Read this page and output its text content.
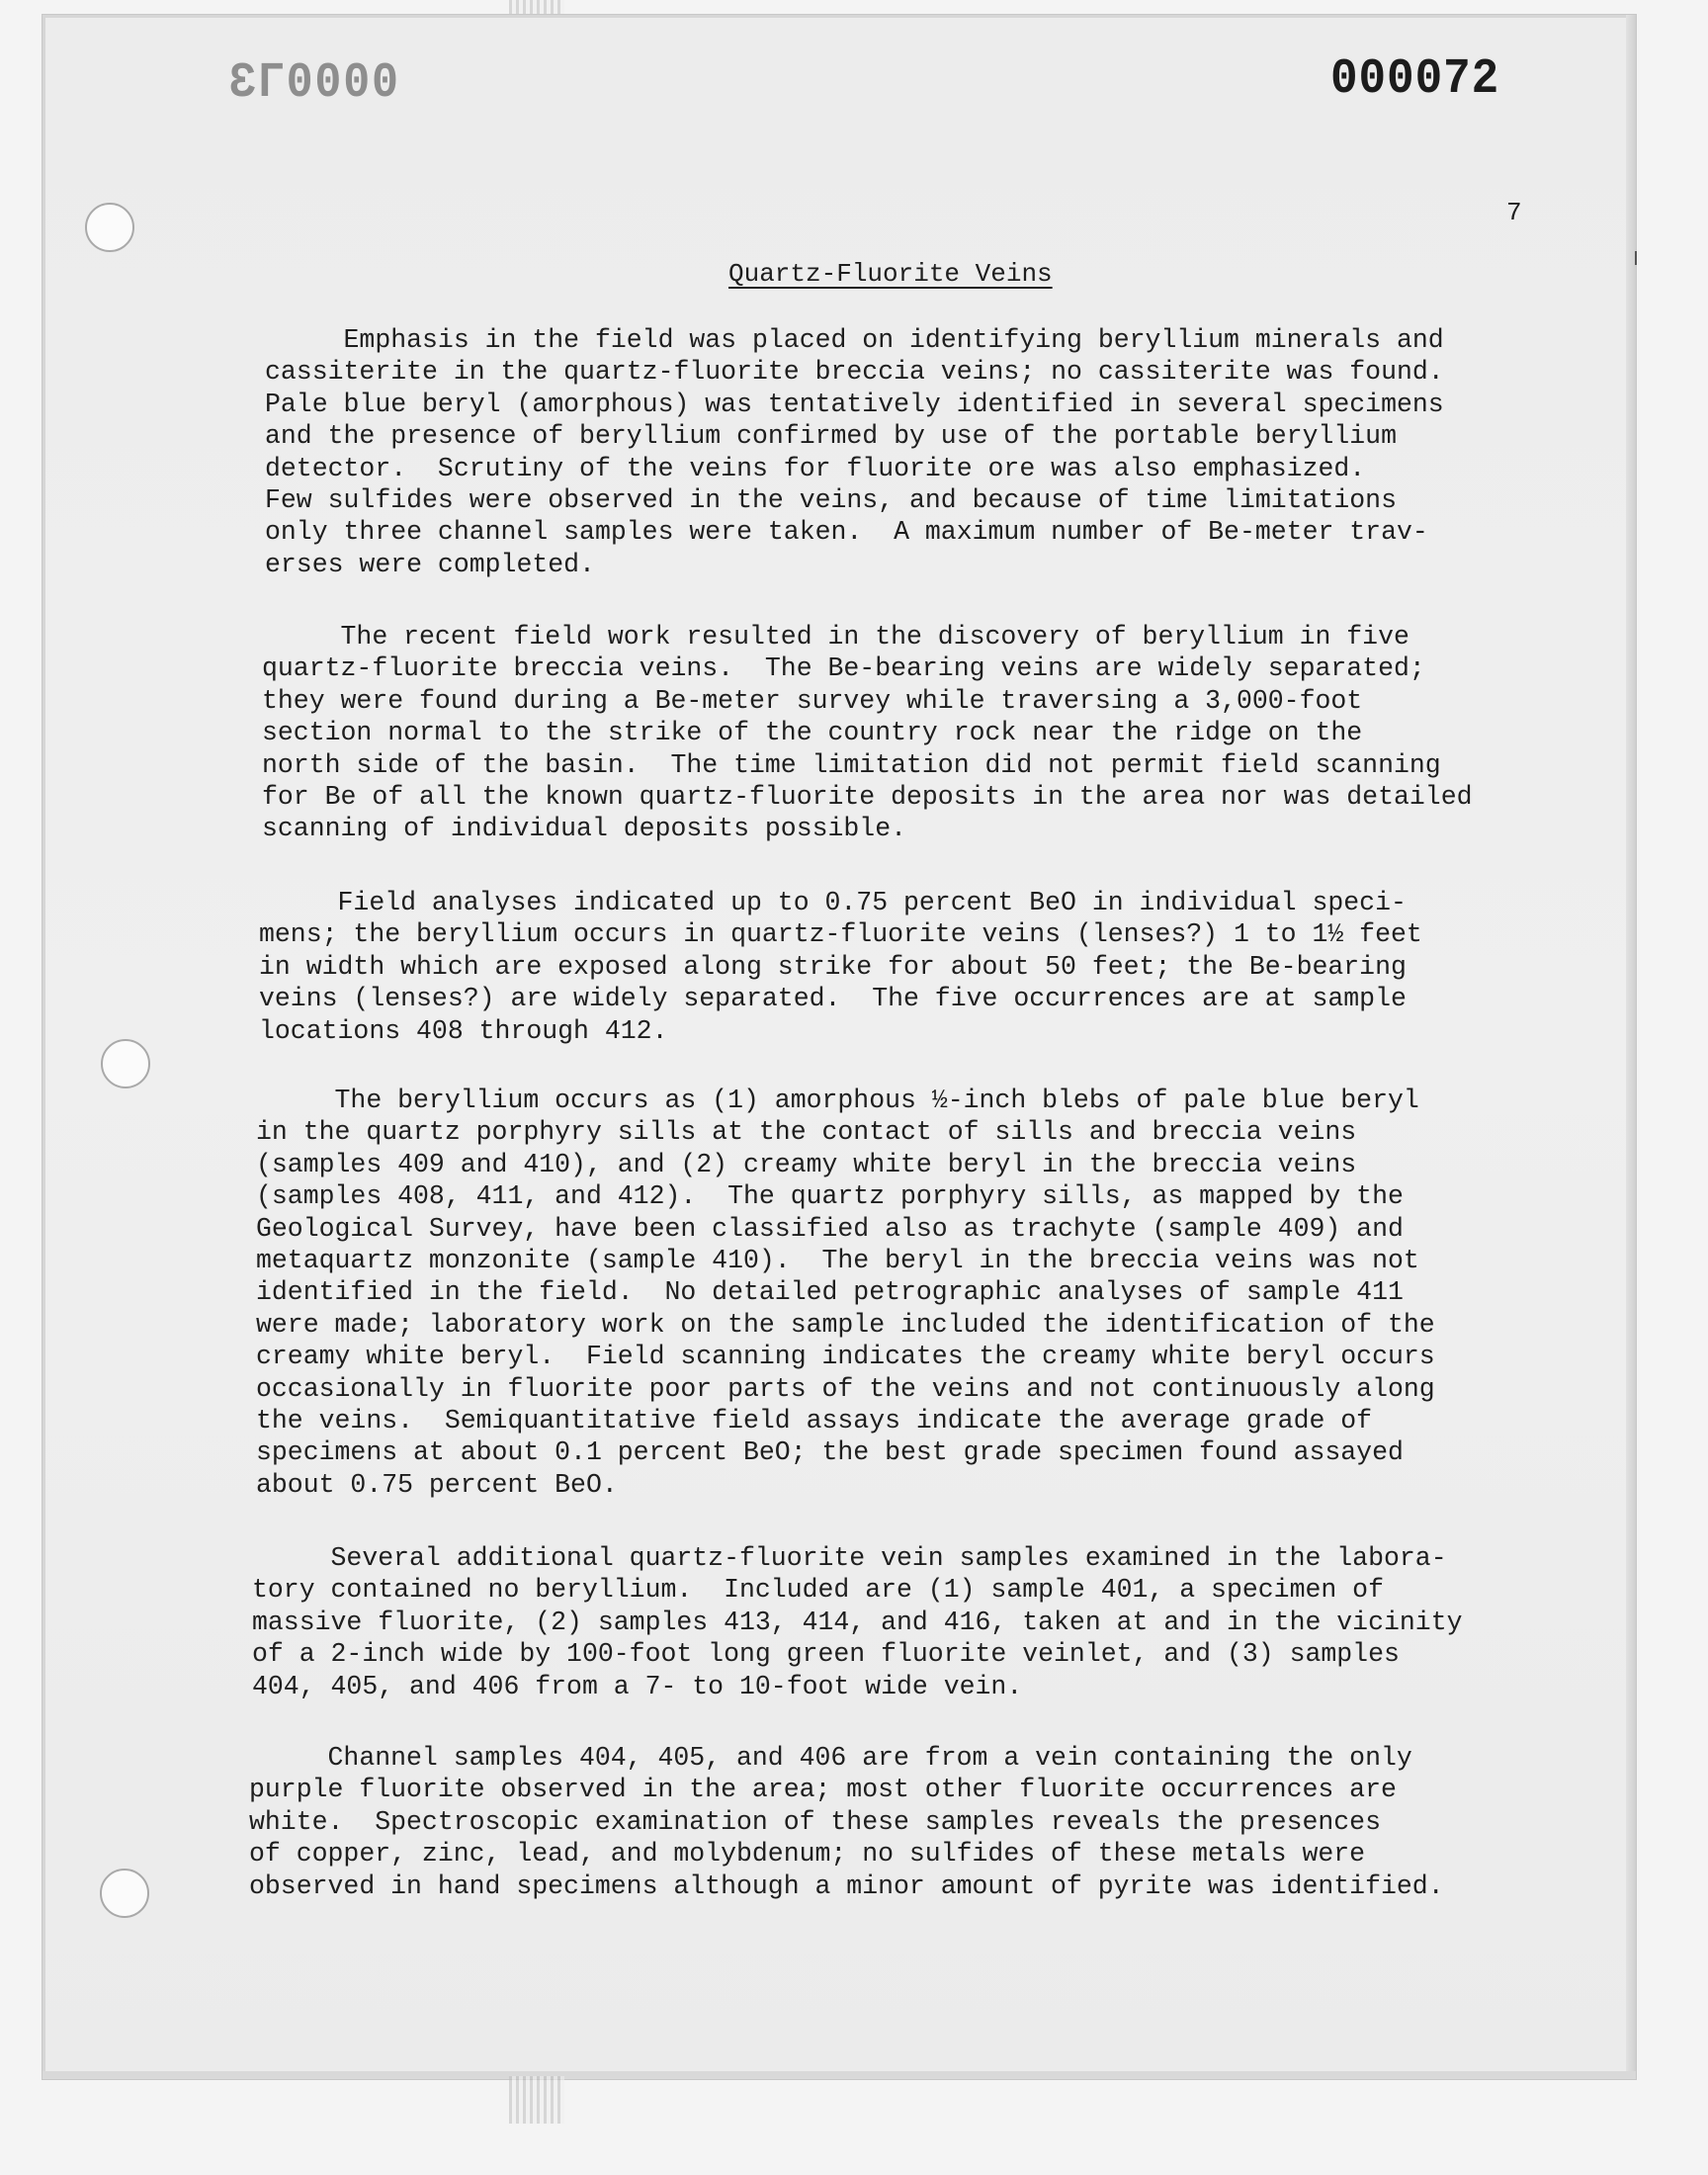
ƐΓ0000	000072
7
Quartz-Fluorite Veins

Emphasis in the field was placed on identifying beryllium minerals and
cassiterite in the quartz-fluorite breccia veins; no cassiterite was found.
Pale blue beryl (amorphous) was tentatively identified in several specimens
and the presence of beryllium confirmed by use of the portable beryllium
detector.  Scrutiny of the veins for fluorite ore was also emphasized.
Few sulfides were observed in the veins, and because of time limitations
only three channel samples were taken.  A maximum number of Be-meter trav-
erses were completed.

The recent field work resulted in the discovery of beryllium in five
quartz-fluorite breccia veins.  The Be-bearing veins are widely separated;
they were found during a Be-meter survey while traversing a 3,000-foot
section normal to the strike of the country rock near the ridge on the
north side of the basin.  The time limitation did not permit field scanning
for Be of all the known quartz-fluorite deposits in the area nor was detailed
scanning of individual deposits possible.

Field analyses indicated up to 0.75 percent BeO in individual speci-
mens; the beryllium occurs in quartz-fluorite veins (lenses?) 1 to 1½ feet
in width which are exposed along strike for about 50 feet; the Be-bearing
veins (lenses?) are widely separated.  The five occurrences are at sample
locations 408 through 412.

The beryllium occurs as (1) amorphous ½-inch blebs of pale blue beryl
in the quartz porphyry sills at the contact of sills and breccia veins
(samples 409 and 410), and (2) creamy white beryl in the breccia veins
(samples 408, 411, and 412).  The quartz porphyry sills, as mapped by the
Geological Survey, have been classified also as trachyte (sample 409) and
metaquartz monzonite (sample 410).  The beryl in the breccia veins was not
identified in the field.  No detailed petrographic analyses of sample 411
were made; laboratory work on the sample included the identification of the
creamy white beryl.  Field scanning indicates the creamy white beryl occurs
occasionally in fluorite poor parts of the veins and not continuously along
the veins.  Semiquantitative field assays indicate the average grade of
specimens at about 0.1 percent BeO; the best grade specimen found assayed
about 0.75 percent BeO.

Several additional quartz-fluorite vein samples examined in the labora-
tory contained no beryllium.  Included are (1) sample 401, a specimen of
massive fluorite, (2) samples 413, 414, and 416, taken at and in the vicinity
of a 2-inch wide by 100-foot long green fluorite veinlet, and (3) samples
404, 405, and 406 from a 7- to 10-foot wide vein.

Channel samples 404, 405, and 406 are from a vein containing the only
purple fluorite observed in the area; most other fluorite occurrences are
white.  Spectroscopic examination of these samples reveals the presences
of copper, zinc, lead, and molybdenum; no sulfides of these metals were
observed in hand specimens although a minor amount of pyrite was identified.
